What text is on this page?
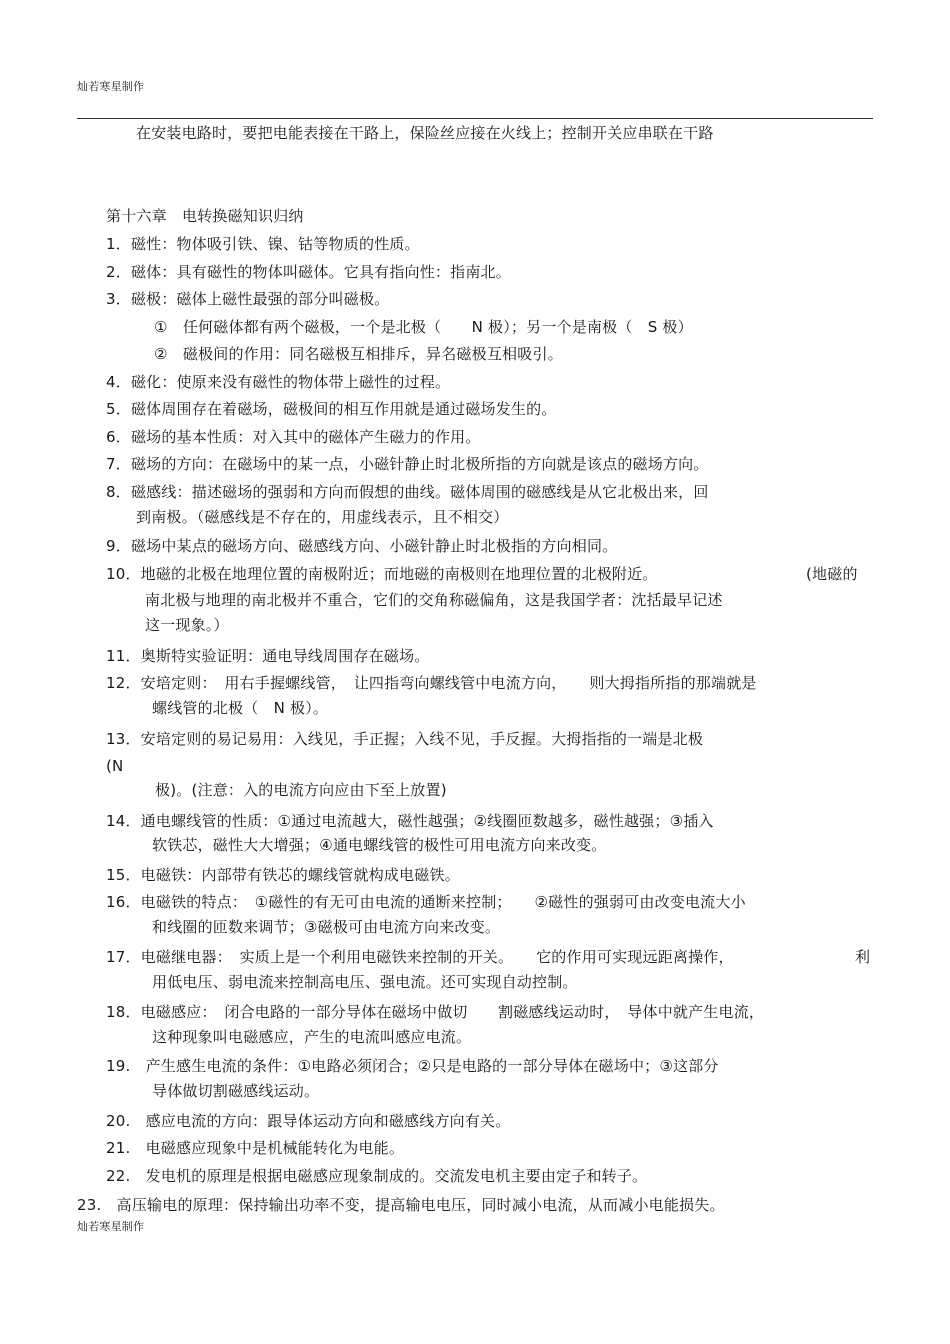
灿若寒星制作
在安装电路时，要把电能表接在干路上，保险丝应接在火线上；控制开关应串联在干路
第十六章　电转换磁知识归纳
1．磁性：物体吸引铁、镍、钴等物质的性质。
2．磁体：具有磁性的物体叫磁体。它具有指向性：指南北。
3．磁极：磁体上磁性最强的部分叫磁极。
①　任何磁体都有两个磁极，一个是北极（　　N 极）；另一个是南极（　S 极）
②　磁极间的作用：同名磁极互相排斥，异名磁极互相吸引。
4．磁化：使原来没有磁性的物体带上磁性的过程。
5．磁体周围存在着磁场，磁极间的相互作用就是通过磁场发生的。
6．磁场的基本性质：对入其中的磁体产生磁力的作用。
7．磁场的方向：在磁场中的某一点，小磁针静止时北极所指的方向就是该点的磁场方向。
8．磁感线：描述磁场的强弱和方向而假想的曲线。磁体周围的磁感线是从它北极出来，回
到南极。（磁感线是不存在的，用虚线表示，且不相交）
9．磁场中某点的磁场方向、磁感线方向、小磁针静止时北极指的方向相同。
10．地磁的北极在地理位置的南极附近；而地磁的南极则在地理位置的北极附近。	(地磁的
南北极与地理的南北极并不重合，它们的交角称磁偏角，这是我国学者：沈括最早记述
这一现象。）
11．奥斯特实验证明：通电导线周围存在磁场。
12．安培定则：　用右手握螺线管，　让四指弯向螺线管中电流方向，　　则大拇指所指的那端就是
螺线管的北极（　N 极）。
13．安培定则的易记易用：入线见，手正握；入线不见，手反握。大拇指指的一端是北极
(N
极)。(注意：入的电流方向应由下至上放置)
14．通电螺线管的性质：①通过电流越大，磁性越强；②线圈匝数越多，磁性越强；③插入
软铁芯，磁性大大增强；④通电螺线管的极性可用电流方向来改变。
15．电磁铁：内部带有铁芯的螺线管就构成电磁铁。
16．电磁铁的特点：　①磁性的有无可由电流的通断来控制；　　②磁性的强弱可由改变电流大小
和线圈的匝数来调节；③磁极可由电流方向来改变。
17．电磁继电器：　实质上是一个利用电磁铁来控制的开关。　　它的作用可实现远距离操作，	利
用低电压、弱电流来控制高电压、强电流。还可实现自动控制。
18．电磁感应：　闭合电路的一部分导体在磁场中做切　　割磁感线运动时，　导体中就产生电流，
这种现象叫电磁感应，产生的电流叫感应电流。
19.　产生感生电流的条件：①电路必须闭合；②只是电路的一部分导体在磁场中；③这部分
导体做切割磁感线运动。
20.　感应电流的方向：跟导体运动方向和磁感线方向有关。
21.　电磁感应现象中是机械能转化为电能。
22.　发电机的原理是根据电磁感应现象制成的。交流发电机主要由定子和转子。
23.　高压输电的原理：保持输出功率不变，提高输电电压，同时减小电流，从而减小电能损失。
灿若寒星制作
